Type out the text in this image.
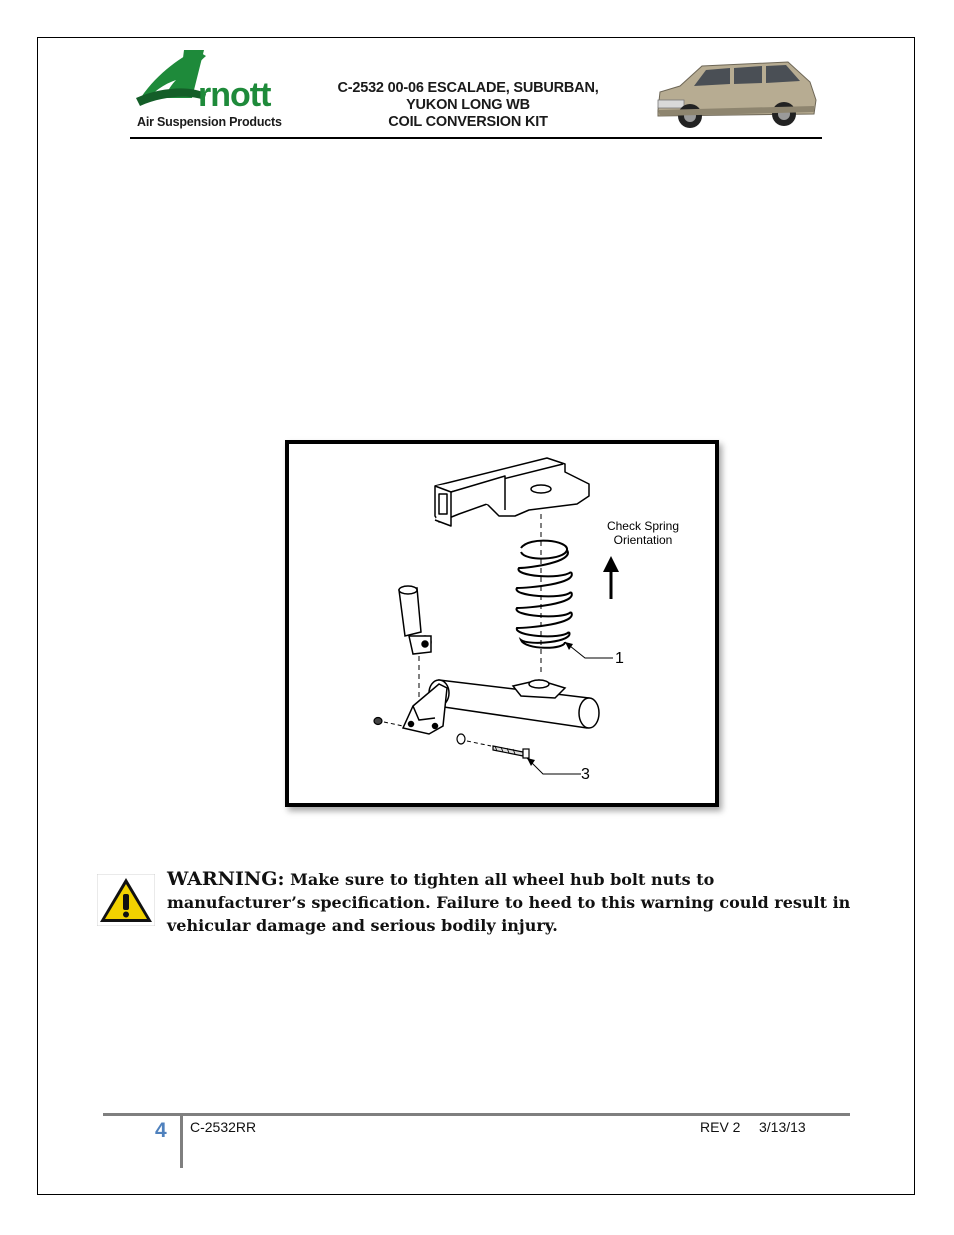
rnott
Air Suspension Products
C-2532 00-06 ESCALADE, SUBURBAN,
YUKON LONG WB
COIL CONVERSION KIT
Check Spring
Orientation
1
3
WARNING: Make sure to tighten all wheel hub bolt nuts to manufacturer’s specification. Failure to heed to this warning could result in vehicular damage and serious bodily injury.
4 C-2532RR	REV 2 3/13/13
